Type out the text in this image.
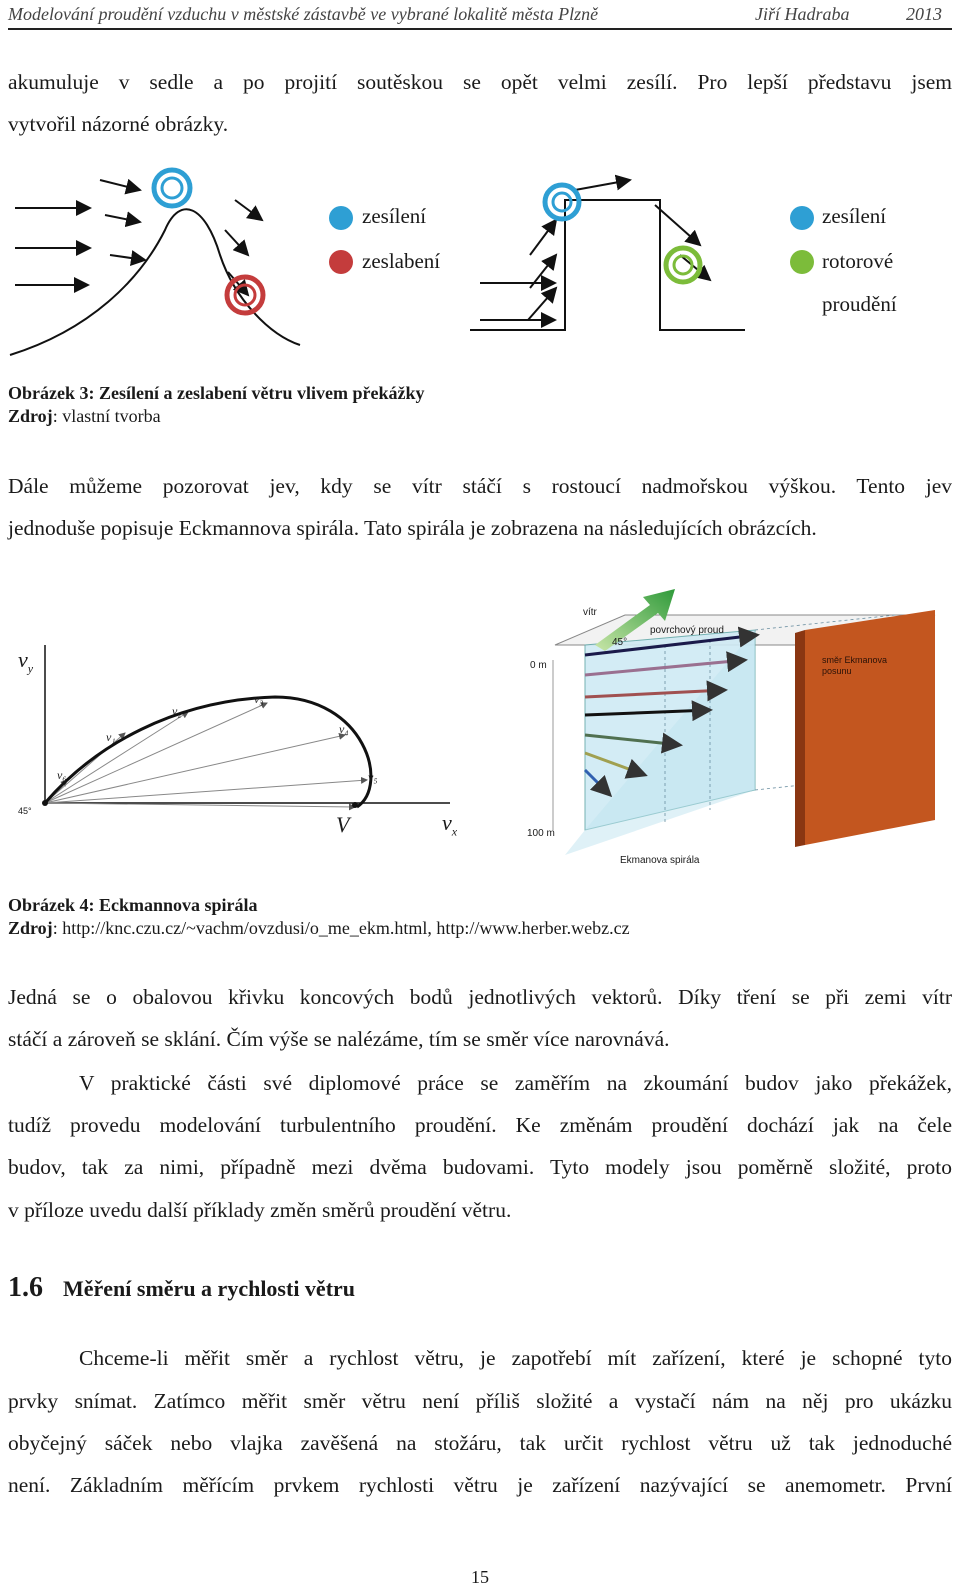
Modelování proudění vzduchu v městské zástavbě ve vybrané lokalitě města Plzně	Jiří Hadraba	2013

akumuluje v sedle a po projití soutěskou se opět velmi zesílí. Pro lepší představu jsem

vytvořil názorné obrázky.

zesílení
zeslabení
zesílení
rotorové
proudění
Obrázek 3: Zesílení a zeslabení větru vlivem překážky
Zdroj: vlastní tvorba

Dále můžeme pozorovat jev, kdy se vítr stáčí s rostoucí nadmořskou výškou. Tento jev

jednoduše popisuje Eckmannova spirála. Tato spirála je zobrazena na následujících obrázcích.

$v_y$
$v_x$
45°
V
v₆
v₁
v₂
v₃
v₄
v₅
vítr
45°
povrchový proud
0 m
100 m
směr Ekmanova posunu
Ekmanova spirála
Obrázek 4: Eckmannova spirála
Zdroj: http://knc.czu.cz/~vachm/ovzdusi/o_me_ekm.html, http://www.herber.webz.cz

Jedná se o obalovou křivku koncových bodů jednotlivých vektorů. Díky tření se při zemi vítr

stáčí a zároveň se sklání. Čím výše se nalézáme, tím se směr více narovnává.

V praktické části své diplomové práce se zaměřím na zkoumání budov jako překážek,

tudíž provedu modelování turbulentního proudění. Ke změnám proudění dochází jak na čele

budov, tak za nimi, případně mezi dvěma budovami. Tyto modely jsou poměrně složité, proto

v příloze uvedu další příklady změn směrů proudění větru.

1.6 Měření směru a rychlosti větru

Chceme-li měřit směr a rychlost větru, je zapotřebí mít zařízení, které je schopné tyto

prvky snímat. Zatímco měřit směr větru není příliš složité a vystačí nám na něj pro ukázku

obyčejný sáček nebo vlajka zavěšená na stožáru, tak určit rychlost větru už tak jednoduché

není. Základním měřícím prvkem rychlosti větru je zařízení nazývající se anemometr. První

15
